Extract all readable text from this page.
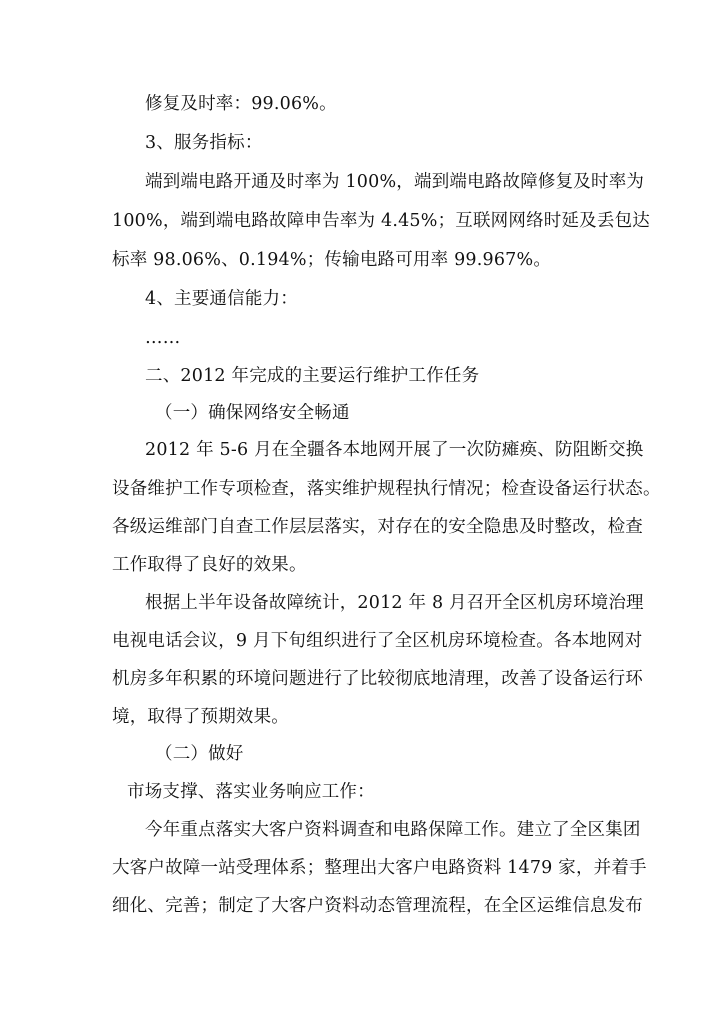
修复及时率：99.06%。
3、服务指标：
端到端电路开通及时率为 100%，端到端电路故障修复及时率为
100%，端到端电路故障申告率为 4.45%；互联网网络时延及丢包达
标率 98.06%、0.194%；传输电路可用率 99.967%。
4、主要通信能力：
……
二、2012 年完成的主要运行维护工作任务
（一）确保网络安全畅通
2012 年 5-6 月在全疆各本地网开展了一次防瘫痪、防阻断交换
设备维护工作专项检查，落实维护规程执行情况；检查设备运行状态。
各级运维部门自查工作层层落实，对存在的安全隐患及时整改，检查
工作取得了良好的效果。
根据上半年设备故障统计，2012 年 8 月召开全区机房环境治理
电视电话会议，9 月下旬组织进行了全区机房环境检查。各本地网对
机房多年积累的环境问题进行了比较彻底地清理，改善了设备运行环
境，取得了预期效果。
（二）做好
市场支撑、落实业务响应工作：
今年重点落实大客户资料调查和电路保障工作。建立了全区集团
大客户故障一站受理体系；整理出大客户电路资料 1479 家，并着手
细化、完善；制定了大客户资料动态管理流程，在全区运维信息发布
